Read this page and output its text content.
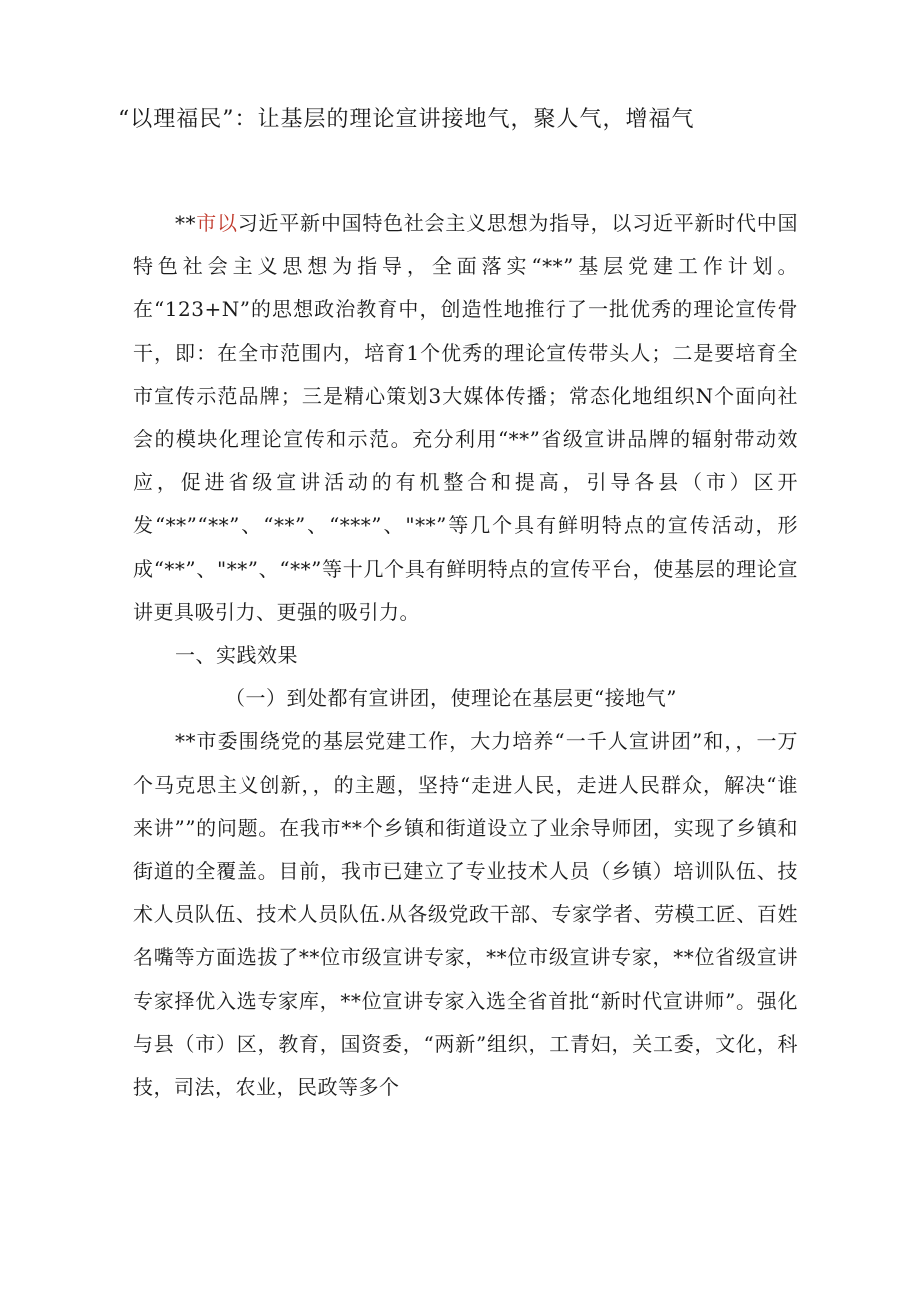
“以理福民”：让基层的理论宣讲接地气，聚人气，增福气

**市以习近平新中国特色社会主义思想为指导，以习近平新时代中国特色社会主义思想为指导，全面落实“**”基层党建工作计划。在“123+N”的思想政治教育中，创造性地推行了一批优秀的理论宣传骨干，即：在全市范围内，培育1个优秀的理论宣传带头人；二是要培育全市宣传示范品牌；三是精心策划3大媒体传播；常态化地组织N个面向社会的模块化理论宣传和示范。充分利用“**”省级宣讲品牌的辐射带动效应，促进省级宣讲活动的有机整合和提高，引导各县（市）区开发“**”“**”、“**”、“***”、"**”等几个具有鲜明特点的宣传活动，形成“**”、"**”、“**”等十几个具有鲜明特点的宣传平台，使基层的理论宣讲更具吸引力、更强的吸引力。

一、实践效果

（一）到处都有宣讲团，使理论在基层更“接地气”

**市委围绕党的基层党建工作，大力培养“一千人宣讲团”和，，一万个马克思主义创新，，的主题，坚持“走进人民，走进人民群众，解决“谁来讲””的问题。在我市**个乡镇和街道设立了业余导师团，实现了乡镇和街道的全覆盖。目前，我市已建立了专业技术人员（乡镇）培训队伍、技术人员队伍、技术人员队伍.从各级党政干部、专家学者、劳模工匠、百姓名嘴等方面选拔了**位市级宣讲专家，**位市级宣讲专家，**位省级宣讲专家择优入选专家库，**位宣讲专家入选全省首批“新时代宣讲师”。强化与县（市）区，教育，国资委，“两新”组织，工青妇，关工委，文化，科技，司法，农业，民政等多个
